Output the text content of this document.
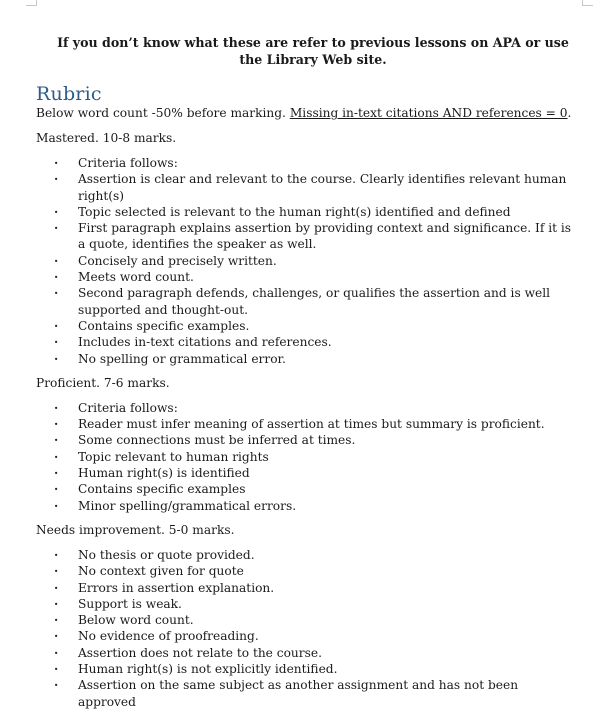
If you don’t know what these are refer to previous lessons on APA or use the Library Web site.

Rubric

Below word count -50% before marking. Missing in-text citations AND references = 0.

Mastered. 10-8 marks.

· Criteria follows:
· Assertion is clear and relevant to the course. Clearly identifies relevant human right(s)
· Topic selected is relevant to the human right(s) identified and defined
· First paragraph explains assertion by providing context and significance. If it is a quote, identifies the speaker as well.
· Concisely and precisely written.
· Meets word count.
· Second paragraph defends, challenges, or qualifies the assertion and is well supported and thought-out.
· Contains specific examples.
· Includes in-text citations and references.
· No spelling or grammatical error.

Proficient. 7-6 marks.

· Criteria follows:
· Reader must infer meaning of assertion at times but summary is proficient.
· Some connections must be inferred at times.
· Topic relevant to human rights
· Human right(s) is identified
· Contains specific examples
· Minor spelling/grammatical errors.

Needs improvement. 5-0 marks.

· No thesis or quote provided.
· No context given for quote
· Errors in assertion explanation.
· Support is weak.
· Below word count.
· No evidence of proofreading.
· Assertion does not relate to the course.
· Human right(s) is not explicitly identified.
· Assertion on the same subject as another assignment and has not been approved
